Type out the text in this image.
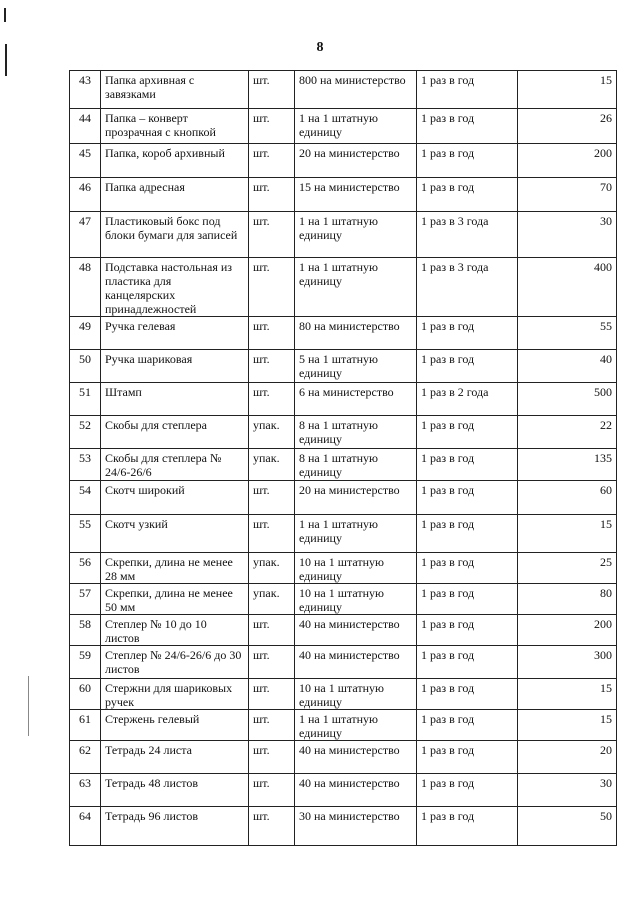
8
43	Папка архивная с завязками	шт.	800 на министерство	1 раз в год	15
44	Папка – конверт прозрачная с кнопкой	шт.	1 на 1 штатную единицу	1 раз в год	26
45	Папка, короб архивный	шт.	20 на министерство	1 раз в год	200
46	Папка адресная	шт.	15 на министерство	1 раз в год	70
47	Пластиковый бокс под блоки бумаги для записей	шт.	1 на 1 штатную единицу	1 раз в 3 года	30
48	Подставка настольная из пластика для канцелярских принадлежностей	шт.	1 на 1 штатную единицу	1 раз в 3 года	400
49	Ручка гелевая	шт.	80 на министерство	1 раз в год	55
50	Ручка шариковая	шт.	5 на 1 штатную единицу	1 раз в год	40
51	Штамп	шт.	6 на министерство	1 раз в 2 года	500
52	Скобы для степлера	упак.	8 на 1 штатную единицу	1 раз в год	22
53	Скобы для степлера № 24/6-26/6	упак.	8 на 1 штатную единицу	1 раз в год	135
54	Скотч широкий	шт.	20 на министерство	1 раз в год	60
55	Скотч узкий	шт.	1 на 1 штатную единицу	1 раз в год	15
56	Скрепки, длина не менее 28 мм	упак.	10 на 1 штатную единицу	1 раз в год	25
57	Скрепки, длина не менее 50 мм	упак.	10 на 1 штатную единицу	1 раз в год	80
58	Степлер № 10 до 10 листов	шт.	40 на министерство	1 раз в год	200
59	Степлер № 24/6-26/6 до 30 листов	шт.	40 на министерство	1 раз в год	300
60	Стержни для шариковых ручек	шт.	10 на 1 штатную единицу	1 раз в год	15
61	Стержень гелевый	шт.	1 на 1 штатную единицу	1 раз в год	15
62	Тетрадь 24 листа	шт.	40 на министерство	1 раз в год	20
63	Тетрадь 48 листов	шт.	40 на министерство	1 раз в год	30
64	Тетрадь 96 листов	шт.	30 на министерство	1 раз в год	50
